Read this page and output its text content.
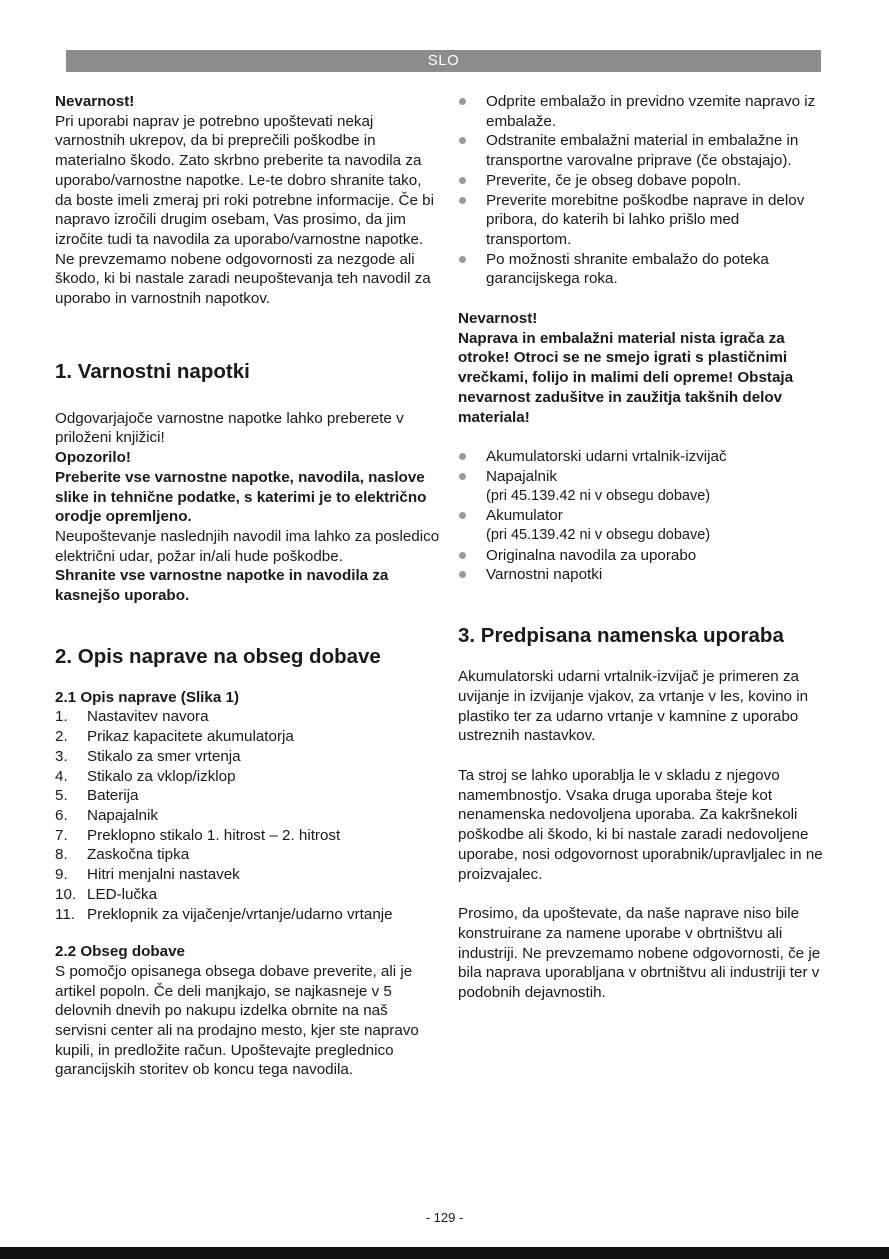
SLO

Nevarnost!

Pri uporabi naprav je potrebno upoštevati nekaj varnostnih ukrepov, da bi preprečili poškodbe in materialno škodo. Zato skrbno preberite ta navodila za uporabo/varnostne napotke. Le-te dobro shranite tako, da boste imeli zmeraj pri roki potrebne informacije. Če bi napravo izročili drugim osebam, Vas prosimo, da jim izročite tudi ta navodila za uporabo/varnostne napotke. Ne prevzemamo nobene odgovornosti za nezgode ali škodo, ki bi nastale zaradi neupoštevanja teh navodil za uporabo in varnostnih napotkov.

1. Varnostni napotki

Odgovarjajoče varnostne napotke lahko preberete v priloženi knjižici!

Opozorilo!

Preberite vse varnostne napotke, navodila, naslove slike in tehnične podatke, s katerimi je to električno orodje opremljeno.

Neupoštevanje naslednjih navodil ima lahko za posledico električni udar, požar in/ali hude poškodbe.

Shranite vse varnostne napotke in navodila za kasnejšo uporabo.

2. Opis naprave na obseg dobave

2.1 Opis naprave (Slika 1)

1.	Nastavitev navora
2.	Prikaz kapacitete akumulatorja
3.	Stikalo za smer vrtenja
4.	Stikalo za vklop/izklop
5.	Baterija
6.	Napajalnik
7.	Preklopno stikalo 1. hitrost – 2. hitrost
8.	Zaskočna tipka
9.	Hitri menjalni nastavek
10. LED-lučka
11. Preklopnik za vijačenje/vrtanje/udarno vrtanje

2.2 Obseg dobave

S pomočjo opisanega obsega dobave preverite, ali je artikel popoln. Če deli manjkajo, se najkasneje v 5 delovnih dnevih po nakupu izdelka obrnite na naš servisni center ali na prodajno mesto, kjer ste napravo kupili, in predložite račun. Upoštevajte preglednico garancijskih storitev ob koncu tega navodila.

Odprite embalažo in previdno vzemite napravo iz embalaže.
Odstranite embalažni material in embalažne in transportne varovalne priprave (če obstajajo).
Preverite, če je obseg dobave popoln.
Preverite morebitne poškodbe naprave in delov pribora, do katerih bi lahko prišlo med transportom.
Po možnosti shranite embalažo do poteka garancijskega roka.

Nevarnost!

Naprava in embalažni material nista igrača za otroke! Otroci se ne smejo igrati s plastičnimi vrečkami, folijo in malimi deli opreme! Obstaja nevarnost zadušitve in zaužitja takšnih delov materiala!

Akumulatorski udarni vrtalnik-izvijač
Napajalnik
(pri 45.139.42 ni v obsegu dobave)
Akumulator
(pri 45.139.42 ni v obsegu dobave)
Originalna navodila za uporabo
Varnostni napotki
3. Predpisana namenska uporaba

Akumulatorski udarni vrtalnik-izvijač je primeren za uvijanje in izvijanje vjakov, za vrtanje v les, kovino in plastiko ter za udarno vrtanje v kamnine z uporabo ustreznih nastavkov.

Ta stroj se lahko uporablja le v skladu z njegovo namembnostjo. Vsaka druga uporaba šteje kot nenamenska nedovoljena uporaba. Za kakršnekoli poškodbe ali škodo, ki bi nastale zaradi nedovoljene uporabe, nosi odgovornost uporabnik/upravljalec in ne proizvajalec.

Prosimo, da upoštevate, da naše naprave niso bile konstruirane za namene uporabe v obrtništvu ali industriji. Ne prevzemamo nobene odgovornosti, če je bila naprava uporabljana v obrtništvu ali industriji ter v podobnih dejavnostih.

- 129 -
